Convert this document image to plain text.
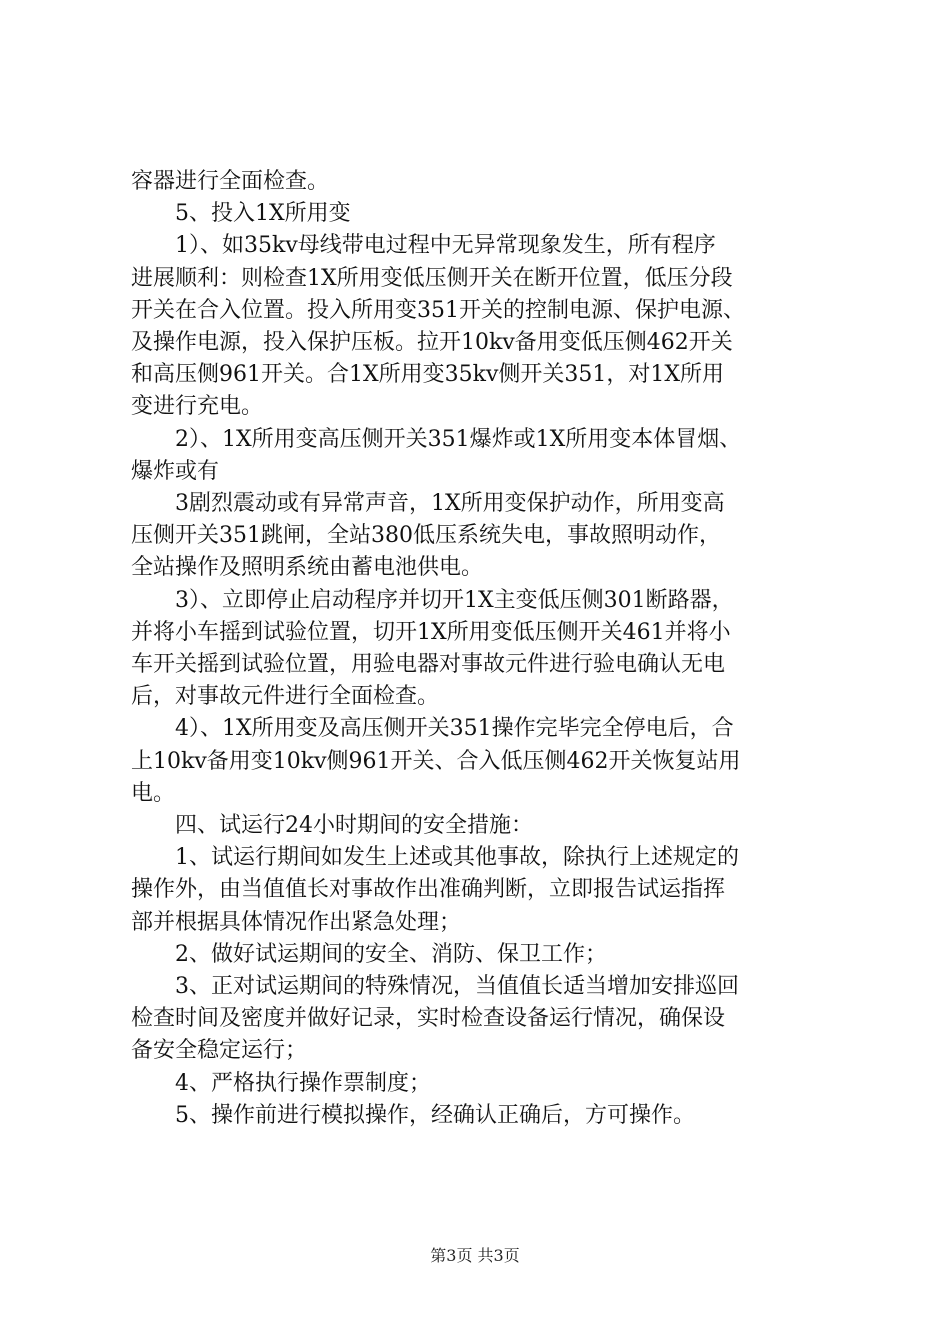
容器进行全面检查。
　　5、投入1X所用变
　　1）、如35kv母线带电过程中无异常现象发生，所有程序
进展顺利：则检查1X所用变低压侧开关在断开位置，低压分段
开关在合入位置。投入所用变351开关的控制电源、保护电源、
及操作电源，投入保护压板。拉开10kv备用变低压侧462开关
和高压侧961开关。合1X所用变35kv侧开关351，对1X所用
变进行充电。
　　2）、1X所用变高压侧开关351爆炸或1X所用变本体冒烟、
爆炸或有
　　3剧烈震动或有异常声音，1X所用变保护动作，所用变高
压侧开关351跳闸，全站380低压系统失电，事故照明动作，
全站操作及照明系统由蓄电池供电。
　　3）、立即停止启动程序并切开1X主变低压侧301断路器，
并将小车摇到试验位置，切开1X所用变低压侧开关461并将小
车开关摇到试验位置，用验电器对事故元件进行验电确认无电
后，对事故元件进行全面检查。
　　4）、1X所用变及高压侧开关351操作完毕完全停电后，合
上10kv备用变10kv侧961开关、合入低压侧462开关恢复站用
电。
　　四、试运行24小时期间的安全措施：
　　1、试运行期间如发生上述或其他事故，除执行上述规定的
操作外，由当值值长对事故作出准确判断，立即报告试运指挥
部并根据具体情况作出紧急处理；
　　2、做好试运期间的安全、消防、保卫工作；
　　3、正对试运期间的特殊情况，当值值长适当增加安排巡回
检查时间及密度并做好记录，实时检查设备运行情况，确保设
备安全稳定运行；
　　4、严格执行操作票制度；
　　5、操作前进行模拟操作，经确认正确后，方可操作。
第3页 共3页
